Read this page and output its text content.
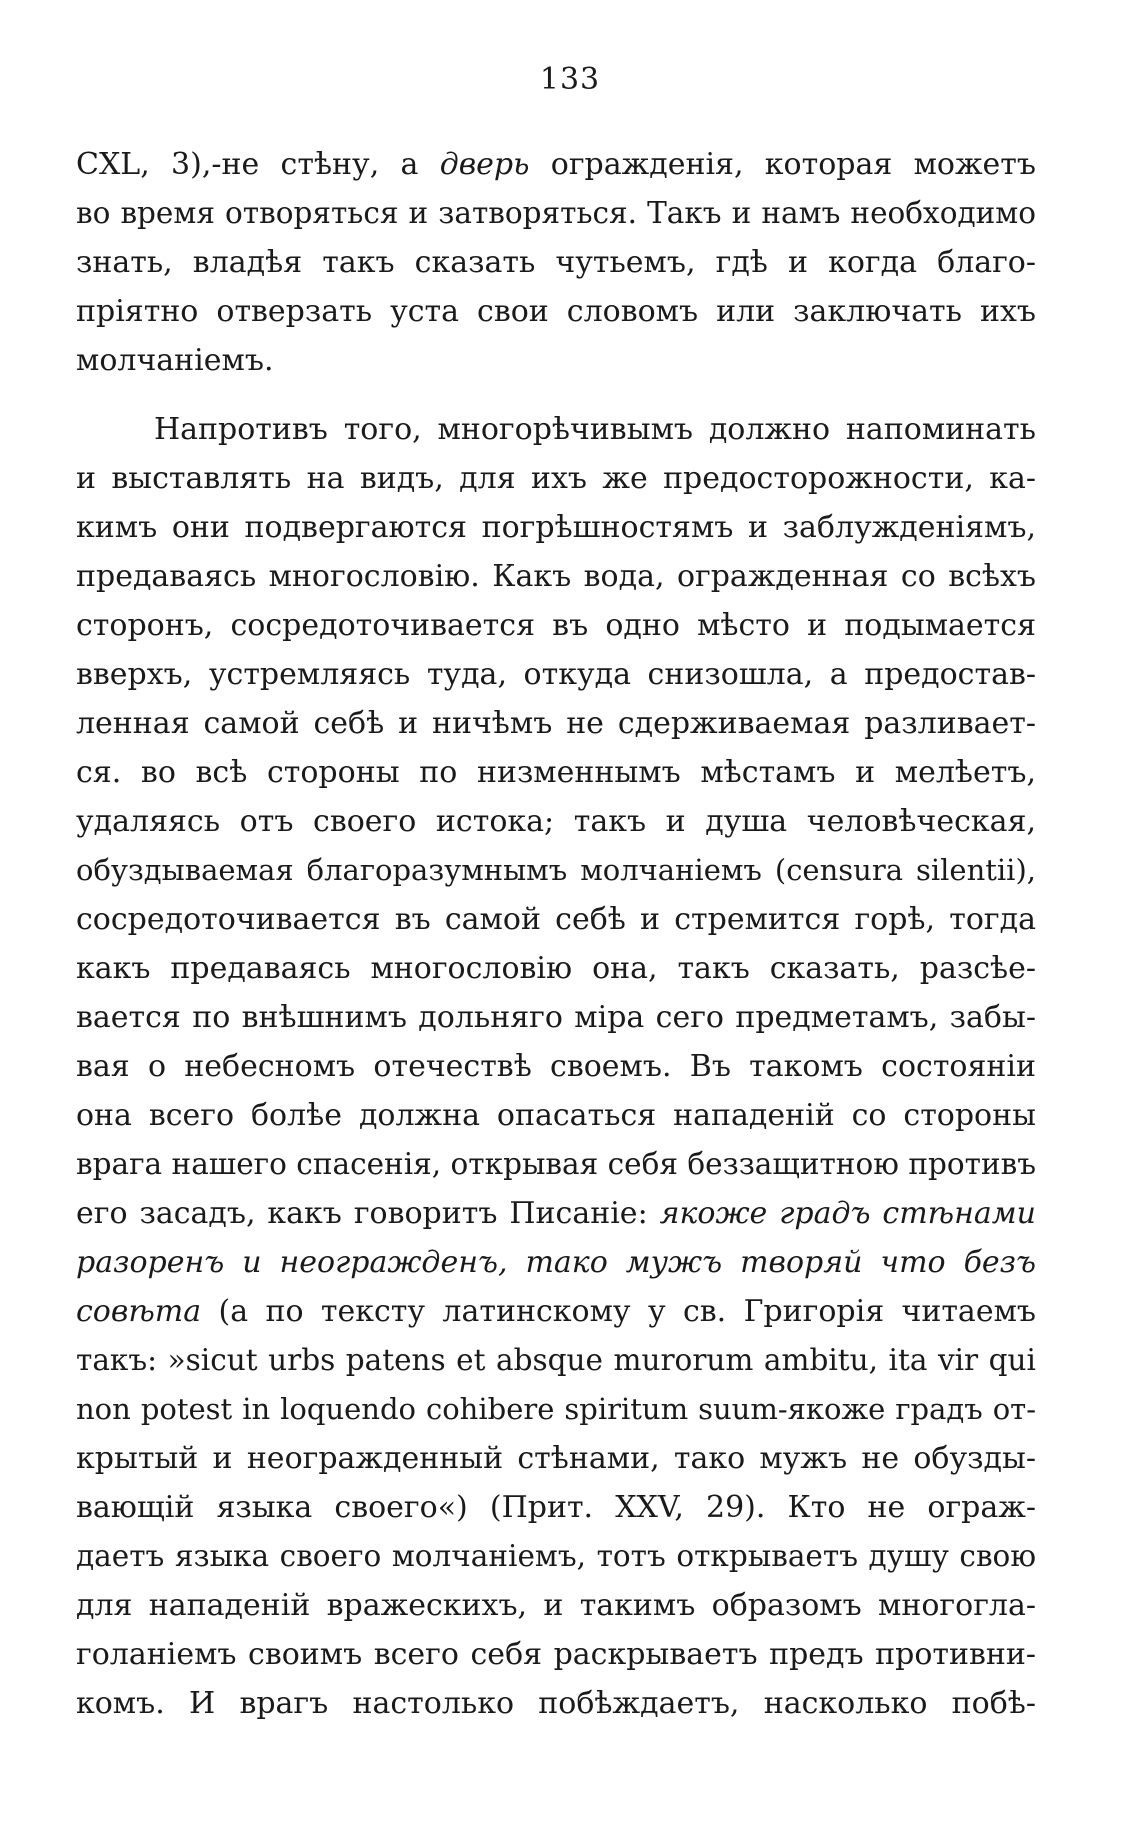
133
CXL, 3),-не стѣну, а дверь огражденія, которая можетъ
во время отворяться и затворяться. Такъ и намъ необходимо
знать, владѣя такъ сказать чутьемъ, гдѣ и когда благо-
пріятно отверзать уста свои словомъ или заключать ихъ
молчаніемъ.
Напротивъ того, многорѣчивымъ должно напоминать
и выставлять на видъ, для ихъ же предосторожности, ка-
кимъ они подвергаются погрѣшностямъ и заблужденіямъ,
предаваясь многословію. Какъ вода, огражденная со всѣхъ
сторонъ, сосредоточивается въ одно мѣсто и подымается
вверхъ, устремляясь туда, откуда снизошла, а предостав-
ленная самой себѣ и ничѣмъ не сдерживаемая разливает-
ся. во всѣ стороны по низменнымъ мѣстамъ и мелѣетъ,
удаляясь отъ своего истока; такъ и душа человѣческая,
обуздываемая благоразумнымъ молчаніемъ (censura silentii),
сосредоточивается въ самой себѣ и стремится горѣ, тогда
какъ предаваясь многословію она, такъ сказать, разсѣе-
вается по внѣшнимъ дольняго міра сего предметамъ, забы-
вая о небесномъ отечествѣ своемъ. Въ такомъ состояніи
она всего болѣе должна опасаться нападеній со стороны
врага нашего спасенія, открывая себя беззащитною противъ
его засадъ, какъ говоритъ Писаніе: якоже градъ стѣнами
разоренъ и неогражденъ, тако мужъ творяй что безъ
совѣта (а по тексту латинскому у св. Григорія читаемъ
такъ: »sicut urbs patens et absque murorum ambitu, ita vir qui
non potest in loquendo cohibere spiritum suum-якоже градъ от-
крытый и неогражденный стѣнами, тако мужъ не обузды-
вающій языка своего«) (Прит. XXV, 29). Кто не ограж-
даетъ языка своего молчаніемъ, тотъ открываетъ душу свою
для нападеній вражескихъ, и такимъ образомъ многогла-
голаніемъ своимъ всего себя раскрываетъ предъ противни-
комъ. И врагъ настолько побѣждаетъ, насколько побѣ-
